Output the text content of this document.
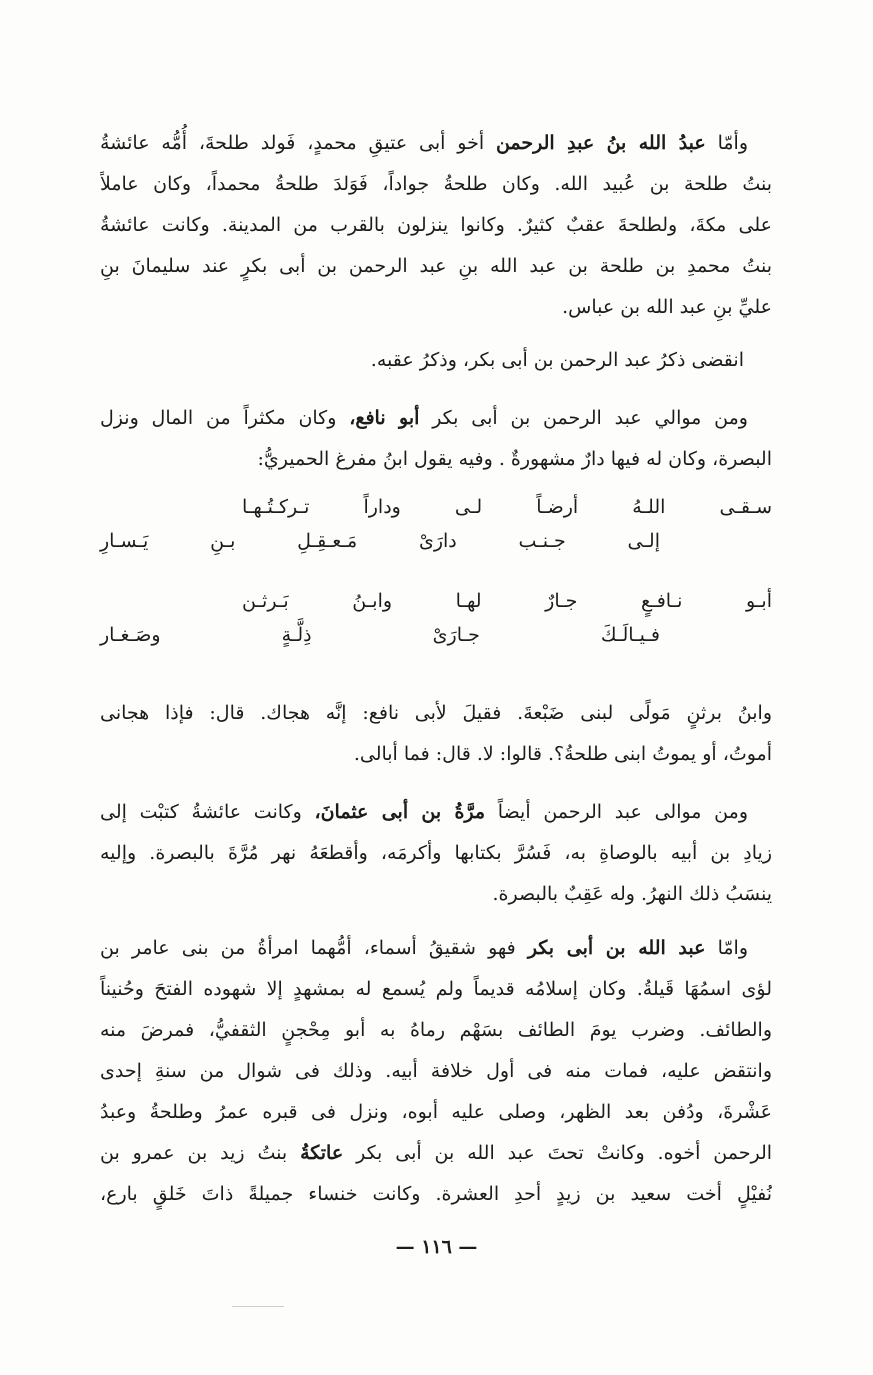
وأمّا عبدُ الله بنُ عبدِ الرحمن أخو أبى عتيقِ محمدٍ، فَولد طلحةَ، أُمُّه عائشةُ
بنتُ طلحة بن عُبيد الله. وكان طلحةُ جواداً، فَوَلدَ طلحةُ محمداً، وكان عاملاً
على مكةَ، ولطلحةَ عقبٌ كثيرٌ. وكانوا ينزلون بالقرب من المدينة. وكانت عائشةُ
بنتُ محمدِ بن طلحة بن عبد الله بنِ عبد الرحمن بن أبى بكرٍ عند سليمانَ بنِ
عليِّ بنِ عبد الله بن عباس.
انقضى ذكرُ عبد الرحمن بن أبى بكر، وذكرُ عقبه.
ومن موالي عبد الرحمن بن أبى بكر أبو نافع، وكان مكثراً من المال ونزل
البصرة، وكان له فيها دارٌ مشهورةٌ . وفيه يقول ابنُ مفرغ الحميريُّ:
سـقـى اللـهُ أرضـاً لـى وداراً تـركـتُـهـا
إلـى جـنـب دارَىْ مَـعـقِـلِ بـنِ يَـسـارِ
أبـو نـافـعٍ جـارٌ لهـا وابـنُ بَـرثـن
فـيـالَـكَ جـارَىْ ذِلَّـةٍ وصَـغـار
وابنُ برثنٍ مَولًى لبنى ضَبْعةَ. فقيلَ لأبى نافع: إنَّه هجاك. قال: فإذا هجانى
أموتُ، أو يموتُ ابنى طلحةُ؟. قالوا: لا. قال: فما أبالى.
ومن موالى عبد الرحمن أيضاً مرَّةُ بن أبى عثمانَ، وكانت عائشةُ كتبْت إلى
زيادِ بن أبيه بالوصاةِ به، فَسُرَّ بكتابها وأكرمَه، وأقطعَهُ نهر مُرَّةَ بالبصرة. وإليه
ينسَبُ ذلك النهرُ. وله عَقِبٌ بالبصرة.
وامّا عبد الله بن أبى بكر فهو شقيقُ أسماء، أمُّهما امرأةُ من بنى عامر بن
لؤى اسمُهَا قَيلةُ. وكان إسلامُه قديماً ولم يُسمع له بمشهدٍ إلا شهوده الفتحَ وحُنيناً
والطائف. وضرب يومَ الطائف بسَهْم رماهُ به أبو مِحْجنٍ الثقفيُّ، فمرضَ منه
وانتقض عليه، فمات منه فى أول خلافة أبيه. وذلك فى شوال من سنةِ إحدى
عَشْرةَ، ودُفن بعد الظهر، وصلى عليه أبوه، ونزل فى قبره عمرُ وطلحةُ وعبدُ
الرحمن أخوه. وكانتْ تحتَ عبد الله بن أبى بكر عاتكةُ بنتُ زيد بن عمرو بن
نُفيْلٍ أخت سعيد بن زيدٍ أحدِ العشرة. وكانت خنساء جميلةً ذاتَ خَلقٍ بارع،
— ١١٦ —
